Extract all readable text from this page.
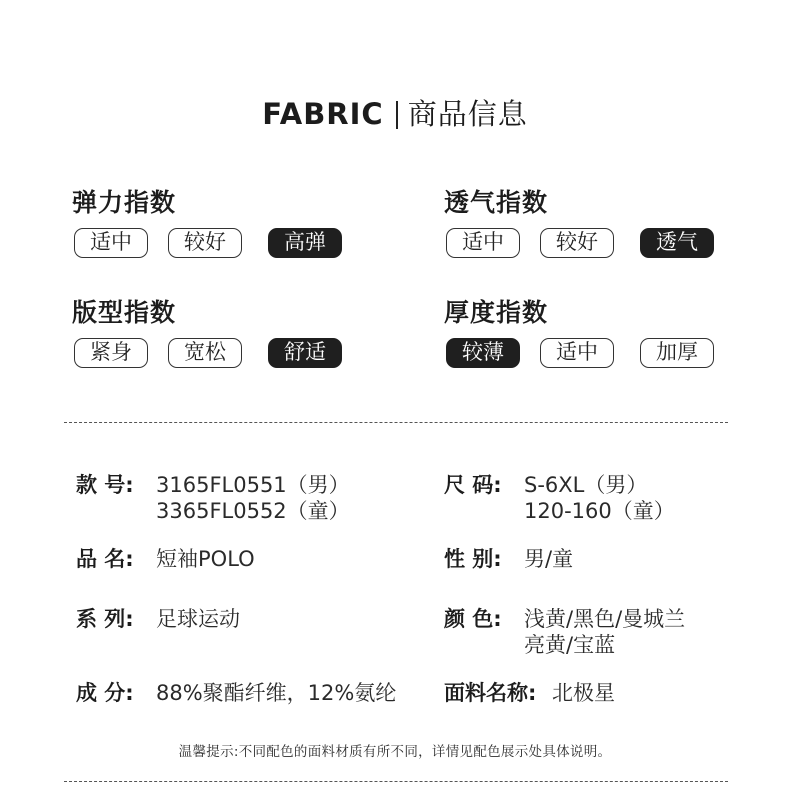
FABRIC 商品信息
弹力指数
适中	较好	高弹
透气指数
适中	较好	透气
版型指数
紧身	宽松	舒适
厚度指数
较薄	适中	加厚
款 号: 3165FL0551（男）
3365FL0552（童）
品 名: 短袖POLO
系 列: 足球运动
成 分: 88%聚酯纤维，12%氨纶
尺 码: S-6XL（男）
120-160（童）
性 别: 男/童
颜 色: 浅黄/黑色/曼城兰
亮黄/宝蓝
面料名称: 北极星
温馨提示:不同配色的面料材质有所不同，详情见配色展示处具体说明。
